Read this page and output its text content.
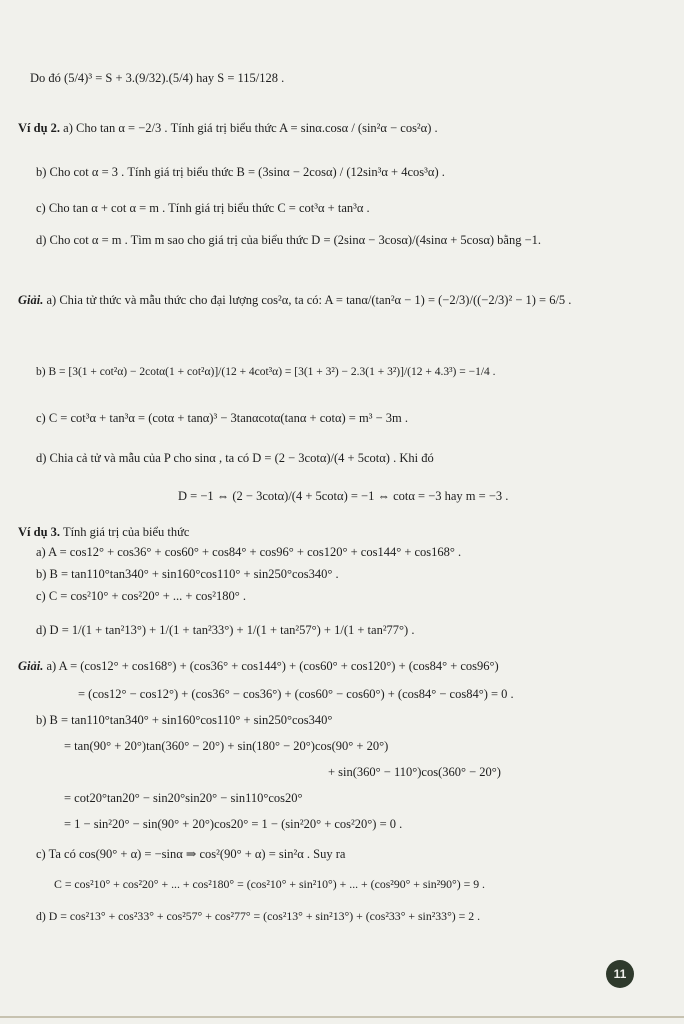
Do đó (5/4)³ = S + 3.(9/32).(5/4) hay S = 115/128 .
Ví dụ 2. a) Cho tan α = −2/3 . Tính giá trị biểu thức A = sinα.cosα / (sin²α − cos²α) .
b) Cho cot α = 3 . Tính giá trị biểu thức B = (3sinα − 2cosα) / (12sin³α + 4cos³α) .
c) Cho tan α + cot α = m . Tính giá trị biểu thức C = cot³α + tan³α .
d) Cho cot α = m . Tìm m sao cho giá trị của biểu thức D = (2sinα − 3cosα)/(4sinα + 5cosα) bằng −1.
Giải. a) Chia tử thức và mẫu thức cho đại lượng cos²α, ta có: A = tanα/(tan²α − 1) = (−2/3)/((−2/3)² − 1) = 6/5 .
b) B = [3(1 + cot²α) − 2cotα(1 + cot²α)]/(12 + 4cot³α) = [3(1 + 3²) − 2.3(1 + 3²)]/(12 + 4.3³) = −1/4 .
c) C = cot³α + tan³α = (cotα + tanα)³ − 3tanαcotα(tanα + cotα) = m³ − 3m .
d) Chia cả tử và mẫu của P cho sinα , ta có D = (2 − 3cotα)/(4 + 5cotα) . Khi đó
D = −1 ⇔ (2 − 3cotα)/(4 + 5cotα) = −1 ⇔ cotα = −3 hay m = −3 .
Ví dụ 3. Tính giá trị của biểu thức
a) A = cos12° + cos36° + cos60° + cos84° + cos96° + cos120° + cos144° + cos168° .
b) B = tan110°tan340° + sin160°cos110° + sin250°cos340° .
c) C = cos²10° + cos²20° + ... + cos²180° .
d) D = 1/(1 + tan²13°) + 1/(1 + tan²33°) + 1/(1 + tan²57°) + 1/(1 + tan²77°) .
Giải. a) A = (cos12° + cos168°) + (cos36° + cos144°) + (cos60° + cos120°) + (cos84° + cos96°)
= (cos12° − cos12°) + (cos36° − cos36°) + (cos60° − cos60°) + (cos84° − cos84°) = 0 .
b) B = tan110°tan340° + sin160°cos110° + sin250°cos340°
= tan(90° + 20°)tan(360° − 20°) + sin(180° − 20°)cos(90° + 20°)
+ sin(360° − 110°)cos(360° − 20°)
= cot20°tan20° − sin20°sin20° − sin110°cos20°
= 1 − sin²20° − sin(90° + 20°)cos20° = 1 − (sin²20° + cos²20°) = 0 .
c) Ta có cos(90° + α) = −sinα ⇒ cos²(90° + α) = sin²α . Suy ra
C = cos²10° + cos²20° + ... + cos²180° = (cos²10° + sin²10°) + ... + (cos²90° + sin²90°) = 9 .
d) D = cos²13° + cos²33° + cos²57° + cos²77° = (cos²13° + sin²13°) + (cos²33° + sin²33°) = 2 .
11
